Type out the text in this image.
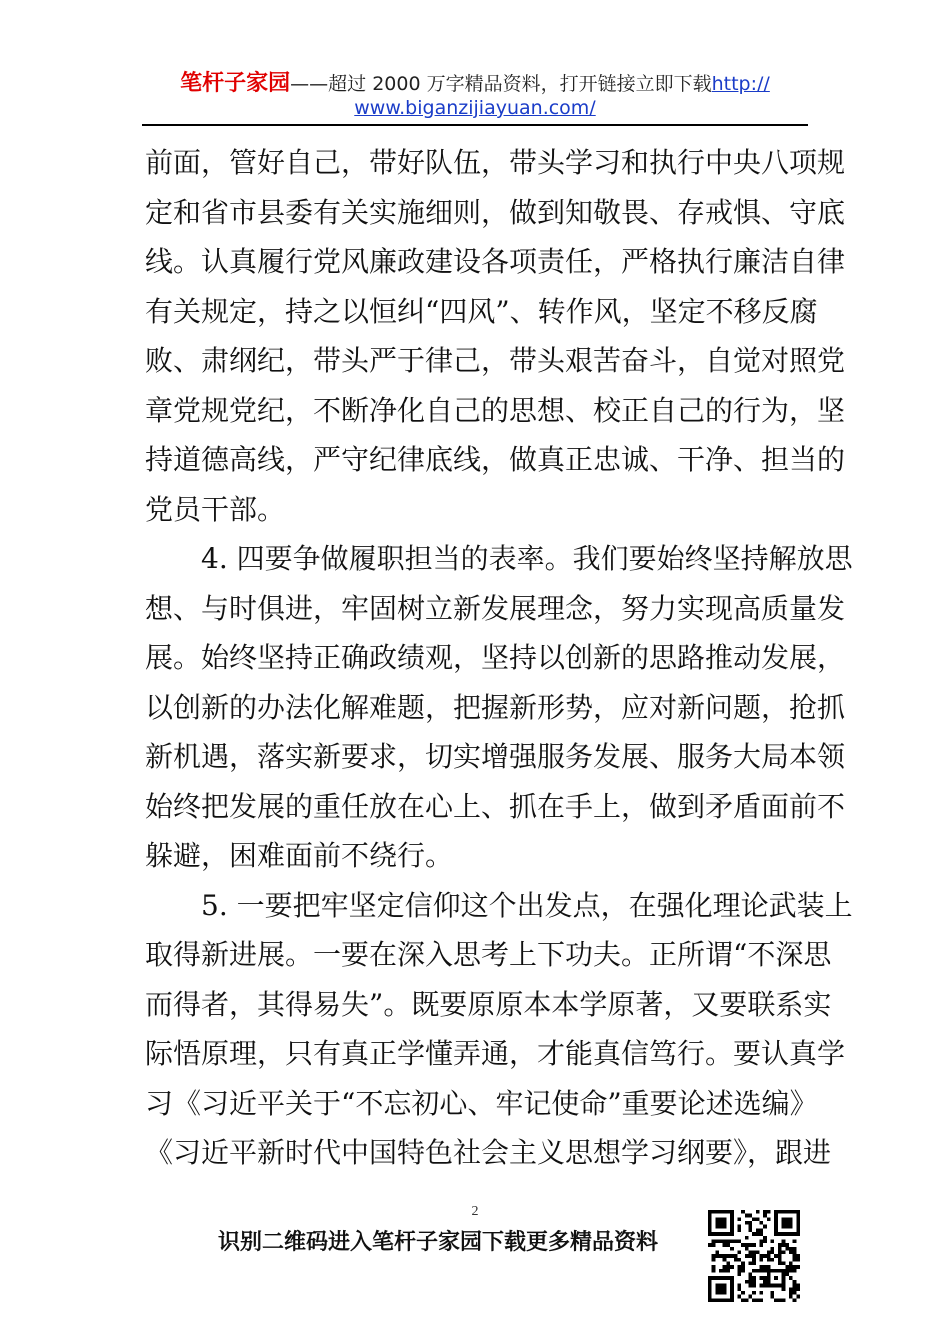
笔杆子家园——超过 2000 万字精品资料，打开链接立即下载http://
www.biganzijiayuan.com/
前面，管好自己，带好队伍，带头学习和执行中央八项规
定和省市县委有关实施细则，做到知敬畏、存戒惧、守底
线。认真履行党风廉政建设各项责任，严格执行廉洁自律
有关规定，持之以恒纠“四风”、转作风，坚定不移反腐
败、肃纲纪，带头严于律己，带头艰苦奋斗，自觉对照党
章党规党纪，不断净化自己的思想、校正自己的行为，坚
持道德高线，严守纪律底线，做真正忠诚、干净、担当的
党员干部。
4. 四要争做履职担当的表率。我们要始终坚持解放思
想、与时俱进，牢固树立新发展理念，努力实现高质量发
展。始终坚持正确政绩观，坚持以创新的思路推动发展，
以创新的办法化解难题，把握新形势，应对新问题，抢抓
新机遇，落实新要求，切实增强服务发展、服务大局本领
始终把发展的重任放在心上、抓在手上，做到矛盾面前不
躲避，困难面前不绕行。
5. 一要把牢坚定信仰这个出发点，在强化理论武装上
取得新进展。一要在深入思考上下功夫。正所谓“不深思
而得者，其得易失”。既要原原本本学原著，又要联系实
际悟原理，只有真正学懂弄通，才能真信笃行。要认真学
习《习近平关于“不忘初心、牢记使命”重要论述选编》
《习近平新时代中国特色社会主义思想学习纲要》，跟进
2
识别二维码进入笔杆子家园下载更多精品资料
